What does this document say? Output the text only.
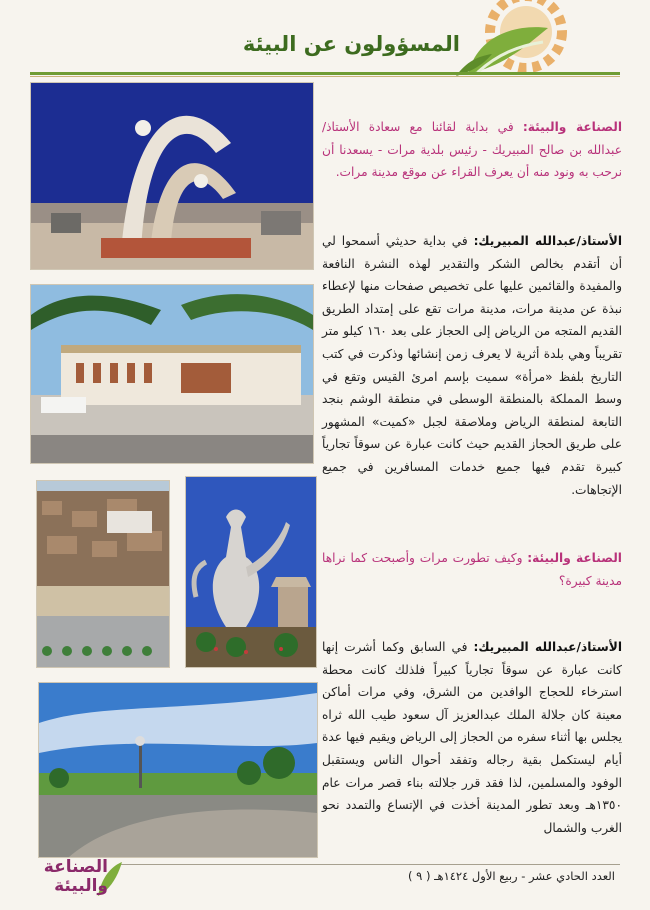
المسؤولون عن البيئة
الصناعة والبيئة: في بداية لقائنا مع سعادة الأستاذ/ عبدالله بن صالح المبيريك - رئيس بلدية مرات - يسعدنا أن نرحب به ونود منه أن يعرف القراء عن موقع مدينة مرات.
الأستاذ/عبدالله المبيريك: في بداية حديثي أسمحوا لي أن أتقدم بخالص الشكر والتقدير لهذه النشرة النافعة والمفيدة والقائمين عليها على تخصيص صفحات منها لإعطاء نبذة عن مدينة مرات، مدينة مرات تقع على إمتداد الطريق القديم المتجه من الرياض إلى الحجاز على بعد ١٦٠ كيلو متر تقريباً وهي بلدة أثرية لا يعرف زمن إنشائها وذكرت في كتب التاريخ بلفظ «مرأة» سميت بإسم امرئ القيس وتقع في وسط المملكة بالمنطقة الوسطى في منطقة الوشم بنجد التابعة لمنطقة الرياض وملاصقة لجبل «كميت» المشهور على طريق الحجاز القديم حيث كانت عبارة عن سوقاً تجارياً كبيرة تقدم فيها جميع خدمات المسافرين في جميع الإتجاهات.
الصناعة والبيئة: وكيف تطورت مرات وأصبحت كما نراها مدينة كبيرة؟
الأستاذ/عبدالله المبيريك: في السابق وكما أشرت إنها كانت عبارة عن سوقاً تجارياً كبيراً فلذلك كانت محطة استرخاء للحجاج الوافدين من الشرق، وفي مرات أماكن معينة كان جلالة الملك عبدالعزيز آل سعود طيب الله ثراه يجلس بها أثناء سفره من الحجاز إلى الرياض ويقيم فيها عدة أيام ليستكمل بقية رجاله وتفقد أحوال الناس ويستقبل الوفود والمسلمين، لذا فقد قرر جلالته بناء قصر مرات عام ١٣٥٠هـ وبعد تطور المدينة أخذت في الإتساع والتمدد نحو الغرب والشمال
العدد الحادي عشر - ربيع الأول ١٤٢٤هـ ( ٩ )
الصناعة
والبيئة
